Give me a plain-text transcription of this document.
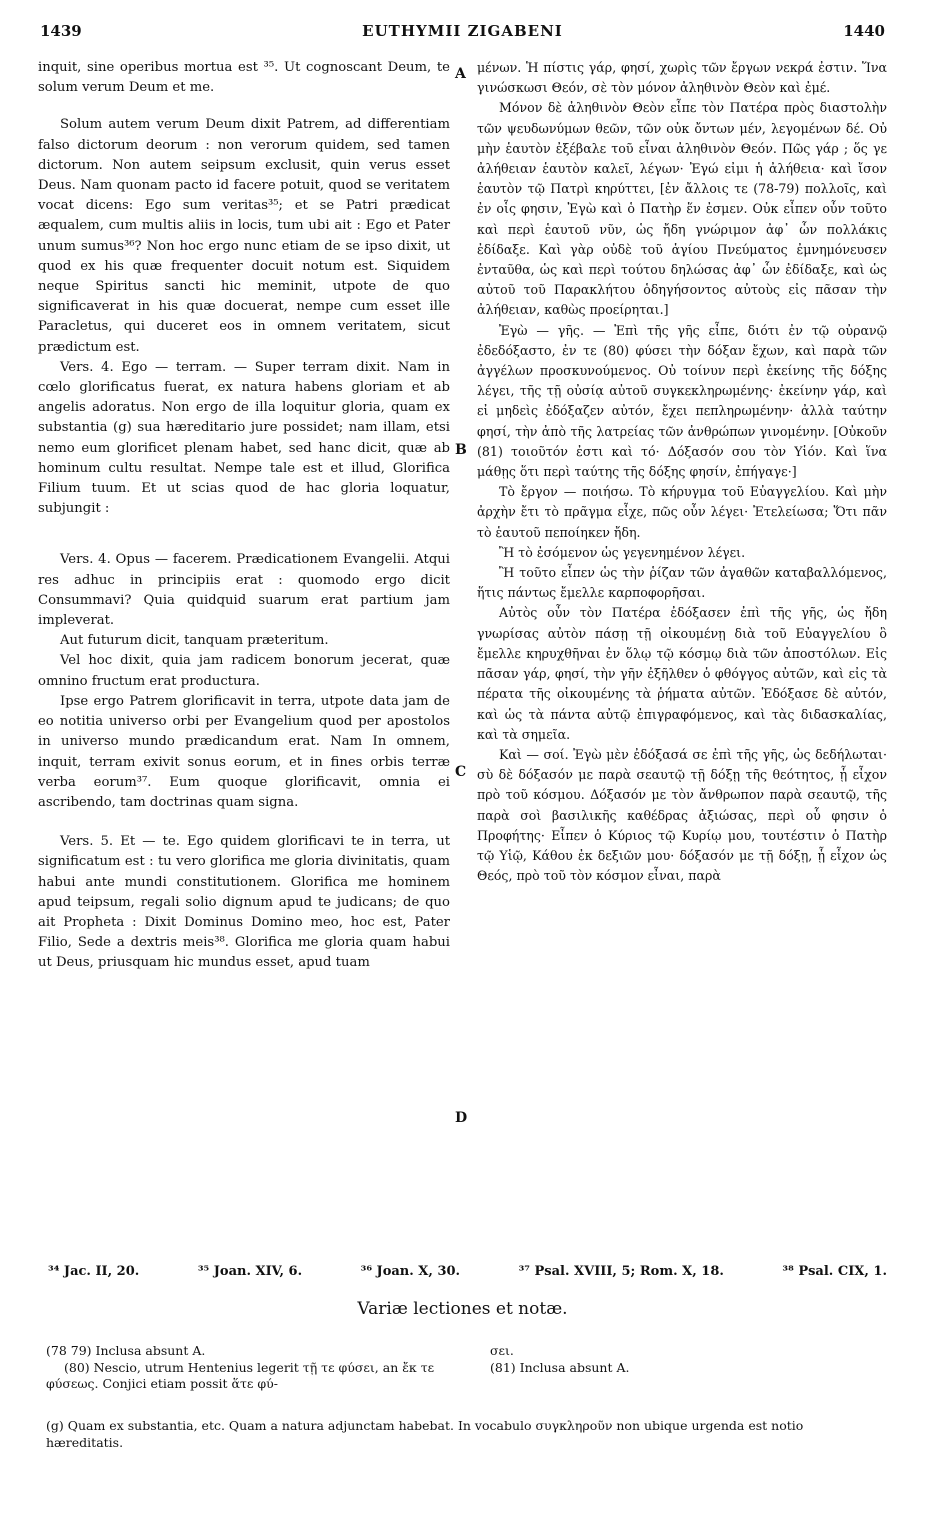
1439	EUTHYMII ZIGABENI	1440

inquit, sine operibus mortua est ³⁵. Ut cognoscant Deum, te solum verum Deum et me.

Solum autem verum Deum dixit Patrem, ad differentiam falso dictorum deorum : non verorum quidem, sed tamen dictorum. Non autem seipsum exclusit, quin verus esset Deus. Nam quonam pacto id facere potuit, quod se veritatem vocat dicens: Ego sum veritas³⁵; et se Patri prædicat æqualem, cum multis aliis in locis, tum ubi ait : Ego et Pater unum sumus³⁶? Non hoc ergo nunc etiam de se ipso dixit, ut quod ex his quæ frequenter docuit notum est. Siquidem neque Spiritus sancti hic meminit, utpote de quo significaverat in his quæ docuerat, nempe cum esset ille Paracletus, qui duceret eos in omnem veritatem, sicut prædictum est.

Vers. 4. Ego — terram. — Super terram dixit. Nam in cœlo glorificatus fuerat, ex natura habens gloriam et ab angelis adoratus. Non ergo de illa loquitur gloria, quam ex substantia (g) sua hæreditario jure possidet; nam illam, etsi nemo eum glorificet plenam habet, sed hanc dicit, quæ ab hominum cultu resultat. Nempe tale est et illud, Glorifica Filium tuum. Et ut scias quod de hac gloria loquatur, subjungit :

Vers. 4. Opus — facerem. Prædicationem Evangelii. Atqui res adhuc in principiis erat : quomodo ergo dicit Consummavi? Quia quidquid suarum erat partium jam impleverat.

Aut futurum dicit, tanquam præteritum.

Vel hoc dixit, quia jam radicem bonorum jecerat, quæ omnino fructum erat productura.

Ipse ergo Patrem glorificavit in terra, utpote data jam de eo notitia universo orbi per Evangelium quod per apostolos in universo mundo prædicandum erat. Nam In omnem, inquit, terram exivit sonus eorum, et in fines orbis terræ verba eorum³⁷. Eum quoque glorificavit, omnia ei ascribendo, tam doctrinas quam signa.

Vers. 5. Et — te. Ego quidem glorificavi te in terra, ut significatum est : tu vero glorifica me gloria divinitatis, quam habui ante mundi constitutionem. Glorifica me hominem apud teipsum, regali solio dignum apud te judicans; de quo ait Propheta : Dixit Dominus Domino meo, hoc est, Pater Filio, Sede a dextris meis³⁸. Glorifica me gloria quam habui ut Deus, priusquam hic mundus esset, apud tuam

A
B
C
D

μένων. Ἡ πίστις γάρ, φησί, χωρὶς τῶν ἔργων νεκρά ἐστιν. Ἵνα γινώσκωσι Θεόν, σὲ τὸν μόνον ἀληθινὸν Θεὸν καὶ ἐμέ.

Μόνον δὲ ἀληθινὸν Θεὸν εἶπε τὸν Πατέρα πρὸς διαστολὴν τῶν ψευδωνύμων θεῶν, τῶν οὐκ ὄντων μέν, λεγομένων δέ. Οὐ μὴν ἑαυτὸν ἐξέβαλε τοῦ εἶναι ἀληθινὸν Θεόν. Πῶς γάρ ; ὅς γε ἀλήθειαν ἑαυτὸν καλεῖ, λέγων· Ἐγώ εἰμι ἡ ἀλήθεια· καὶ ἴσον ἑαυτὸν τῷ Πατρὶ κηρύττει, [ἐν ἄλλοις τε (78-79) πολλοῖς, καὶ ἐν οἷς φησιν, Ἐγὼ καὶ ὁ Πατὴρ ἕν ἐσμεν. Οὐκ εἶπεν οὖν τοῦτο καὶ περὶ ἑαυτοῦ νῦν, ὡς ἤδη γνώριμον ἀφ᾽ ὧν πολλάκις ἐδίδαξε. Καὶ γὰρ οὐδὲ τοῦ ἁγίου Πνεύματος ἐμνημόνευσεν ἐνταῦθα, ὡς καὶ περὶ τούτου δηλώσας ἀφ᾽ ὧν ἐδίδαξε, καὶ ὡς αὐτοῦ τοῦ Παρακλήτου ὁδηγήσοντος αὐτοὺς εἰς πᾶσαν τὴν ἀλήθειαν, καθὼς προείρηται.]

Ἐγὼ — γῆς. — Ἐπὶ τῆς γῆς εἶπε, διότι ἐν τῷ οὐρανῷ ἐδεδόξαστο, ἐν τε (80) φύσει τὴν δόξαν ἔχων, καὶ παρὰ τῶν ἀγγέλων προσκυνούμενος. Οὐ τοίνυν περὶ ἐκείνης τῆς δόξης λέγει, τῆς τῇ οὐσίᾳ αὐτοῦ συγκεκληρωμένης· ἐκείνην γάρ, καὶ εἰ μηδεὶς ἐδόξαζεν αὐτόν, ἔχει πεπληρωμένην· ἀλλὰ ταύτην φησί, τὴν ἀπὸ τῆς λατρείας τῶν ἀνθρώπων γινομένην. [Οὐκοῦν (81) τοιοῦτόν ἐστι καὶ τό· Δόξασόν σου τὸν Υἱόν. Καὶ ἵνα μάθῃς ὅτι περὶ ταύτης τῆς δόξης φησίν, ἐπήγαγε·]

Τὸ ἔργον — ποιήσω. Τὸ κήρυγμα τοῦ Εὐαγγελίου. Καὶ μὴν ἀρχὴν ἔτι τὸ πρᾶγμα εἶχε, πῶς οὖν λέγει· Ἐτελείωσα; Ὅτι πᾶν τὸ ἑαυτοῦ πεποίηκεν ἤδη.

Ἢ τὸ ἐσόμενον ὡς γεγενημένον λέγει.

Ἢ τοῦτο εἶπεν ὡς τὴν ῥίζαν τῶν ἀγαθῶν καταβαλλόμενος, ἥτις πάντως ἔμελλε καρποφορῆσαι.

Αὐτὸς οὖν τὸν Πατέρα ἐδόξασεν ἐπὶ τῆς γῆς, ὡς ἤδη γνωρίσας αὐτὸν πάσῃ τῇ οἰκουμένῃ διὰ τοῦ Εὐαγγελίου ὃ ἔμελλε κηρυχθῆναι ἐν ὅλῳ τῷ κόσμῳ διὰ τῶν ἀποστόλων. Εἰς πᾶσαν γάρ, φησί, τὴν γῆν ἐξῆλθεν ὁ φθόγγος αὐτῶν, καὶ εἰς τὰ πέρατα τῆς οἰκουμένης τὰ ῥήματα αὐτῶν. Ἐδόξασε δὲ αὐτόν, καὶ ὡς τὰ πάντα αὐτῷ ἐπιγραφόμενος, καὶ τὰς διδασκαλίας, καὶ τὰ σημεῖα.

Καὶ — σοί. Ἐγὼ μὲν ἐδόξασά σε ἐπὶ τῆς γῆς, ὡς δεδήλωται· σὺ δὲ δόξασόν με παρὰ σεαυτῷ τῇ δόξῃ τῆς θεότητος, ᾗ εἶχον πρὸ τοῦ κόσμου. Δόξασόν με τὸν ἄνθρωπον παρὰ σεαυτῷ, τῆς παρὰ σοὶ βασιλικῆς καθέδρας ἀξιώσας, περὶ οὗ φησιν ὁ Προφήτης· Εἶπεν ὁ Κύριος τῷ Κυρίῳ μου, τουτέστιν ὁ Πατὴρ τῷ Υἱῷ, Κάθου ἐκ δεξιῶν μου· δόξασόν με τῇ δόξῃ, ᾗ εἶχον ὡς Θεός, πρὸ τοῦ τὸν κόσμον εἶναι, παρὰ

³⁴ Jac. II, 20.	³⁵ Joan. XIV, 6.	³⁶ Joan. X, 30.	³⁷ Psal. XVIII, 5; Rom. X, 18.	³⁸ Psal. CIX, 1.
Variæ lectiones et notæ.

(78 79) Inclusa absunt A.

(80) Nescio, utrum Hentenius legerit τῇ τε φύσει, an ἔκ τε φύσεως. Conjici etiam possit ἅτε φύ-

σει.

(81) Inclusa absunt A.

(g) Quam ex substantia, etc. Quam a natura adjunctam habebat. In vocabulo συγκληροῦν non ubique urgenda est notio hæreditatis.
